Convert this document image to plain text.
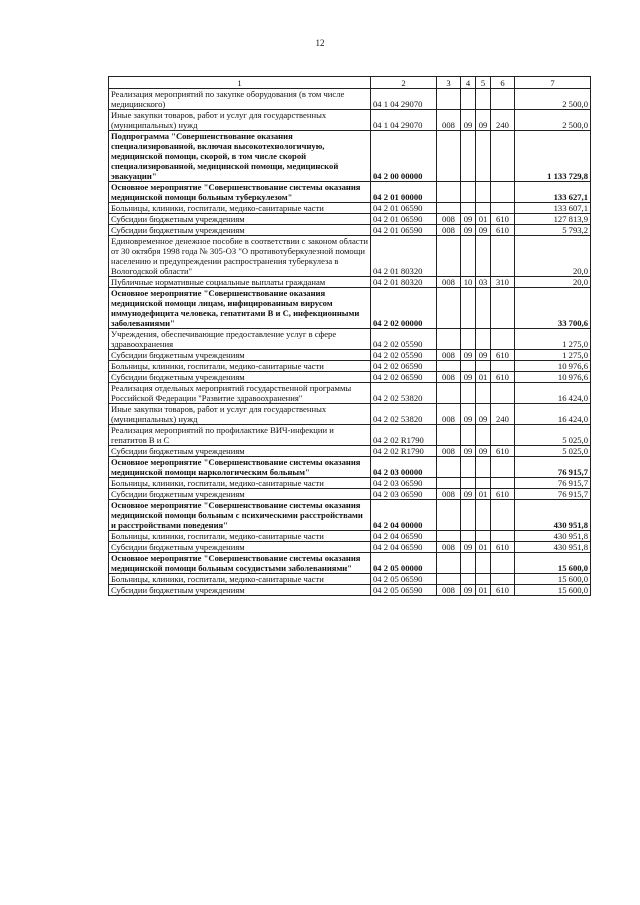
12
1	2	3	4	5	6	7
Реализация мероприятий по закупке оборудования (в том числе медицинского)	04 1 04 29070					2 500,0
Иные закупки товаров, работ и услуг для государственных (муниципальных) нужд	04 1 04 29070	008	09	09	240	2 500,0
Подпрограмма "Совершенствование оказания специализированной, включая высокотехнологичную, медицинской помощи, скорой, в том числе скорой специализированной, медицинской помощи, медицинской эвакуации"	04 2 00 00000					1 133 729,8
Основное мероприятие "Совершенствование системы оказания медицинской помощи больным туберкулезом"	04 2 01 00000					133 627,1
Больницы, клиники, госпитали, медико-санитарные части	04 2 01 06590					133 607,1
Субсидии бюджетным учреждениям	04 2 01 06590	008	09	01	610	127 813,9
Субсидии бюджетным учреждениям	04 2 01 06590	008	09	09	610	5 793,2
Единовременное денежное пособие в соответствии с законом области от 30 октября 1998 года № 305-ОЗ "О противотуберкулезной помощи населению и предупреждении распространения туберкулеза в Вологодской области"	04 2 01 80320					20,0
Публичные нормативные социальные выплаты гражданам	04 2 01 80320	008	10	03	310	20,0
Основное мероприятие "Совершенствование оказания медицинской помощи лицам, инфицированным вирусом иммунодефицита человека, гепатитами В и С, инфекционными заболеваниями"	04 2 02 00000					33 700,6
Учреждения, обеспечивающие предоставление услуг в сфере здравоохранения	04 2 02 05590					1 275,0
Субсидии бюджетным учреждениям	04 2 02 05590	008	09	09	610	1 275,0
Больницы, клиники, госпитали, медико-санитарные части	04 2 02 06590					10 976,6
Субсидии бюджетным учреждениям	04 2 02 06590	008	09	01	610	10 976,6
Реализация отдельных мероприятий государственной программы Российской Федерации "Развитие здравоохранения"	04 2 02 53820					16 424,0
Иные закупки товаров, работ и услуг для государственных (муниципальных) нужд	04 2 02 53820	008	09	09	240	16 424,0
Реализация мероприятий по профилактике ВИЧ-инфекции и гепатитов В и С	04 2 02 R1790					5 025,0
Субсидии бюджетным учреждениям	04 2 02 R1790	008	09	09	610	5 025,0
Основное мероприятие "Совершенствование системы оказания медицинской помощи наркологическим больным"	04 2 03 00000					76 915,7
Больницы, клиники, госпитали, медико-санитарные части	04 2 03 06590					76 915,7
Субсидии бюджетным учреждениям	04 2 03 06590	008	09	01	610	76 915,7
Основное мероприятие "Совершенствование системы оказания медицинской помощи больным с психическими расстройствами и расстройствами поведения"	04 2 04 00000					430 951,8
Больницы, клиники, госпитали, медико-санитарные части	04 2 04 06590					430 951,8
Субсидии бюджетным учреждениям	04 2 04 06590	008	09	01	610	430 951,8
Основное мероприятие "Совершенствование системы оказания медицинской помощи больным сосудистыми заболеваниями"	04 2 05 00000					15 600,0
Больницы, клиники, госпитали, медико-санитарные части	04 2 05 06590					15 600,0
Субсидии бюджетным учреждениям	04 2 05 06590	008	09	01	610	15 600,0
